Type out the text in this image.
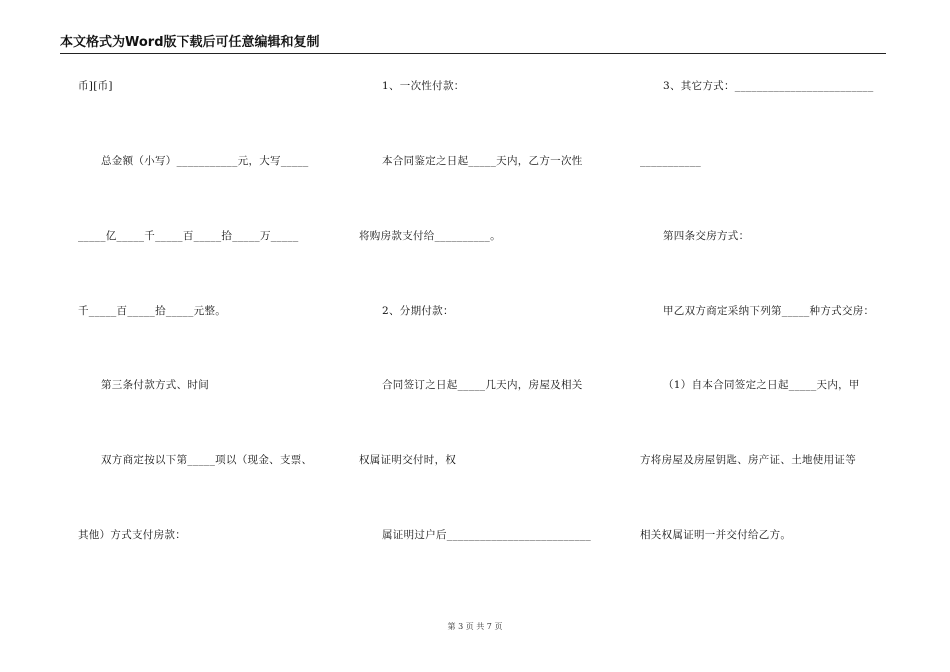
本文格式为Word版下载后可任意编辑和复制
币][币]
总金额（小写）___________元，大写_____
_____亿_____千_____百_____拾_____万_____
千_____百_____拾_____元整。
第三条付款方式、时间
双方商定按以下第_____项以（现金、支票、
其他）方式支付房款：
1、一次性付款：
本合同鉴定之日起_____天内，乙方一次性
将购房款支付给__________。
2、分期付款：
合同签订之日起_____几天内，房屋及相关
权属证明交付时，权
属证明过户后__________________________
3、其它方式：_________________________
___________
第四条交房方式：
甲乙双方商定采纳下列第_____种方式交房：
（1）自本合同签定之日起_____天内，甲
方将房屋及房屋钥匙、房产证、土地使用证等
相关权属证明一并交付给乙方。
第 3 页 共 7 页
